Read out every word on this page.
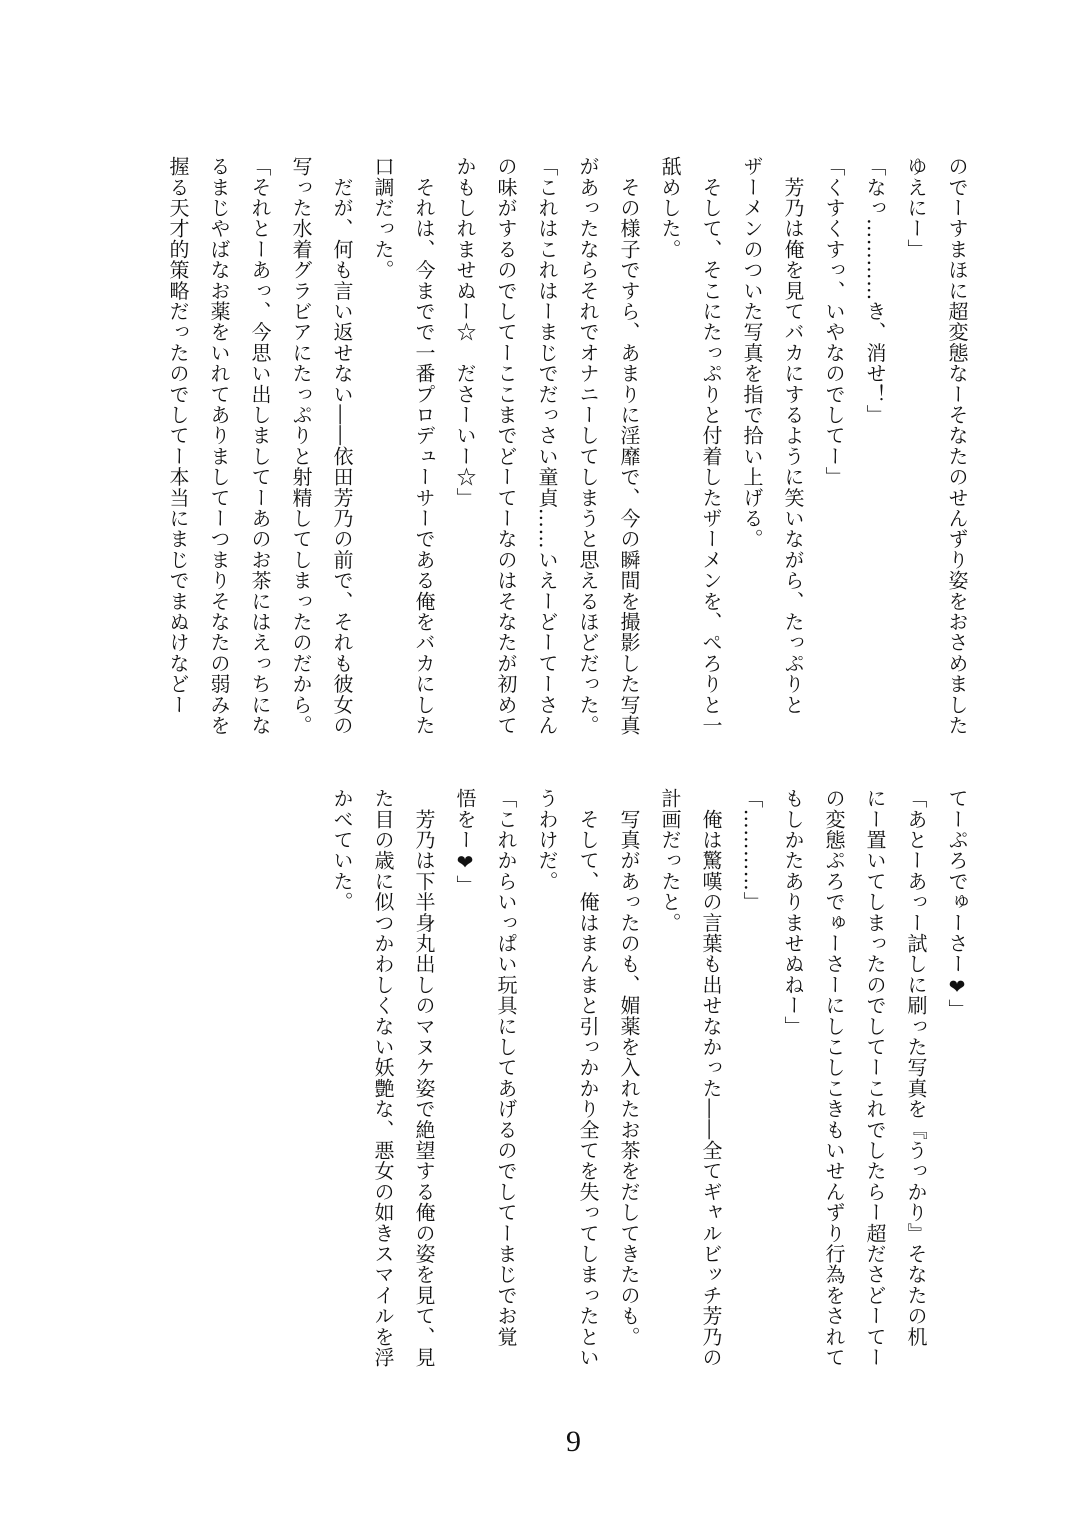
のでーすまほに超変態なーそなたのせんずり姿をおさめました
ゆえにー」
「なっ…………き、消せ！」
「くすくすっ、いやなのでしてー」
　芳乃は俺を見てバカにするように笑いながら、たっぷりと
ザーメンのついた写真を指で拾い上げる。
　そして、そこにたっぷりと付着したザーメンを、ぺろりと一
舐めした。
　その様子ですら、あまりに淫靡で、今の瞬間を撮影した写真
があったならそれでオナニーしてしまうと思えるほどだった。
「これはこれはーまじでだっさい童貞……いえーどーてーさん
の味がするのでしてーここまでどーてーなのはそなたが初めて
かもしれませぬー☆　ださーいー☆」
　それは、今までで一番プロデューサーである俺をバカにした
口調だった。
　だが、何も言い返せない――依田芳乃の前で、それも彼女の
写った水着グラビアにたっぷりと射精してしまったのだから。
「それとーあっ、今思い出しましてーあのお茶にはえっちにな
るまじやばなお薬をいれてありましてーつまりそなたの弱みを
握る天才的策略だったのでしてー本当にまじでまぬけなどー
てーぷろでゅーさー❤」
「あとーあっー試しに刷った写真を『うっかり』そなたの机
にー置いてしまったのでしてーこれでしたらー超ださどーてー
の変態ぷろでゅーさーにしこしこきもいせんずり行為をされて
もしかたありませぬねー」
「…………」
　俺は驚嘆の言葉も出せなかった――全てギャルビッチ芳乃の
計画だったと。
　写真があったのも、媚薬を入れたお茶をだしてきたのも。
　そして、俺はまんまと引っかかり全てを失ってしまったとい
うわけだ。
「これからいっぱい玩具にしてあげるのでしてーまじでお覚
悟をー❤」
　芳乃は下半身丸出しのマヌケ姿で絶望する俺の姿を見て、見
た目の歳に似つかわしくない妖艶な、悪女の如きスマイルを浮
かべていた。
9
